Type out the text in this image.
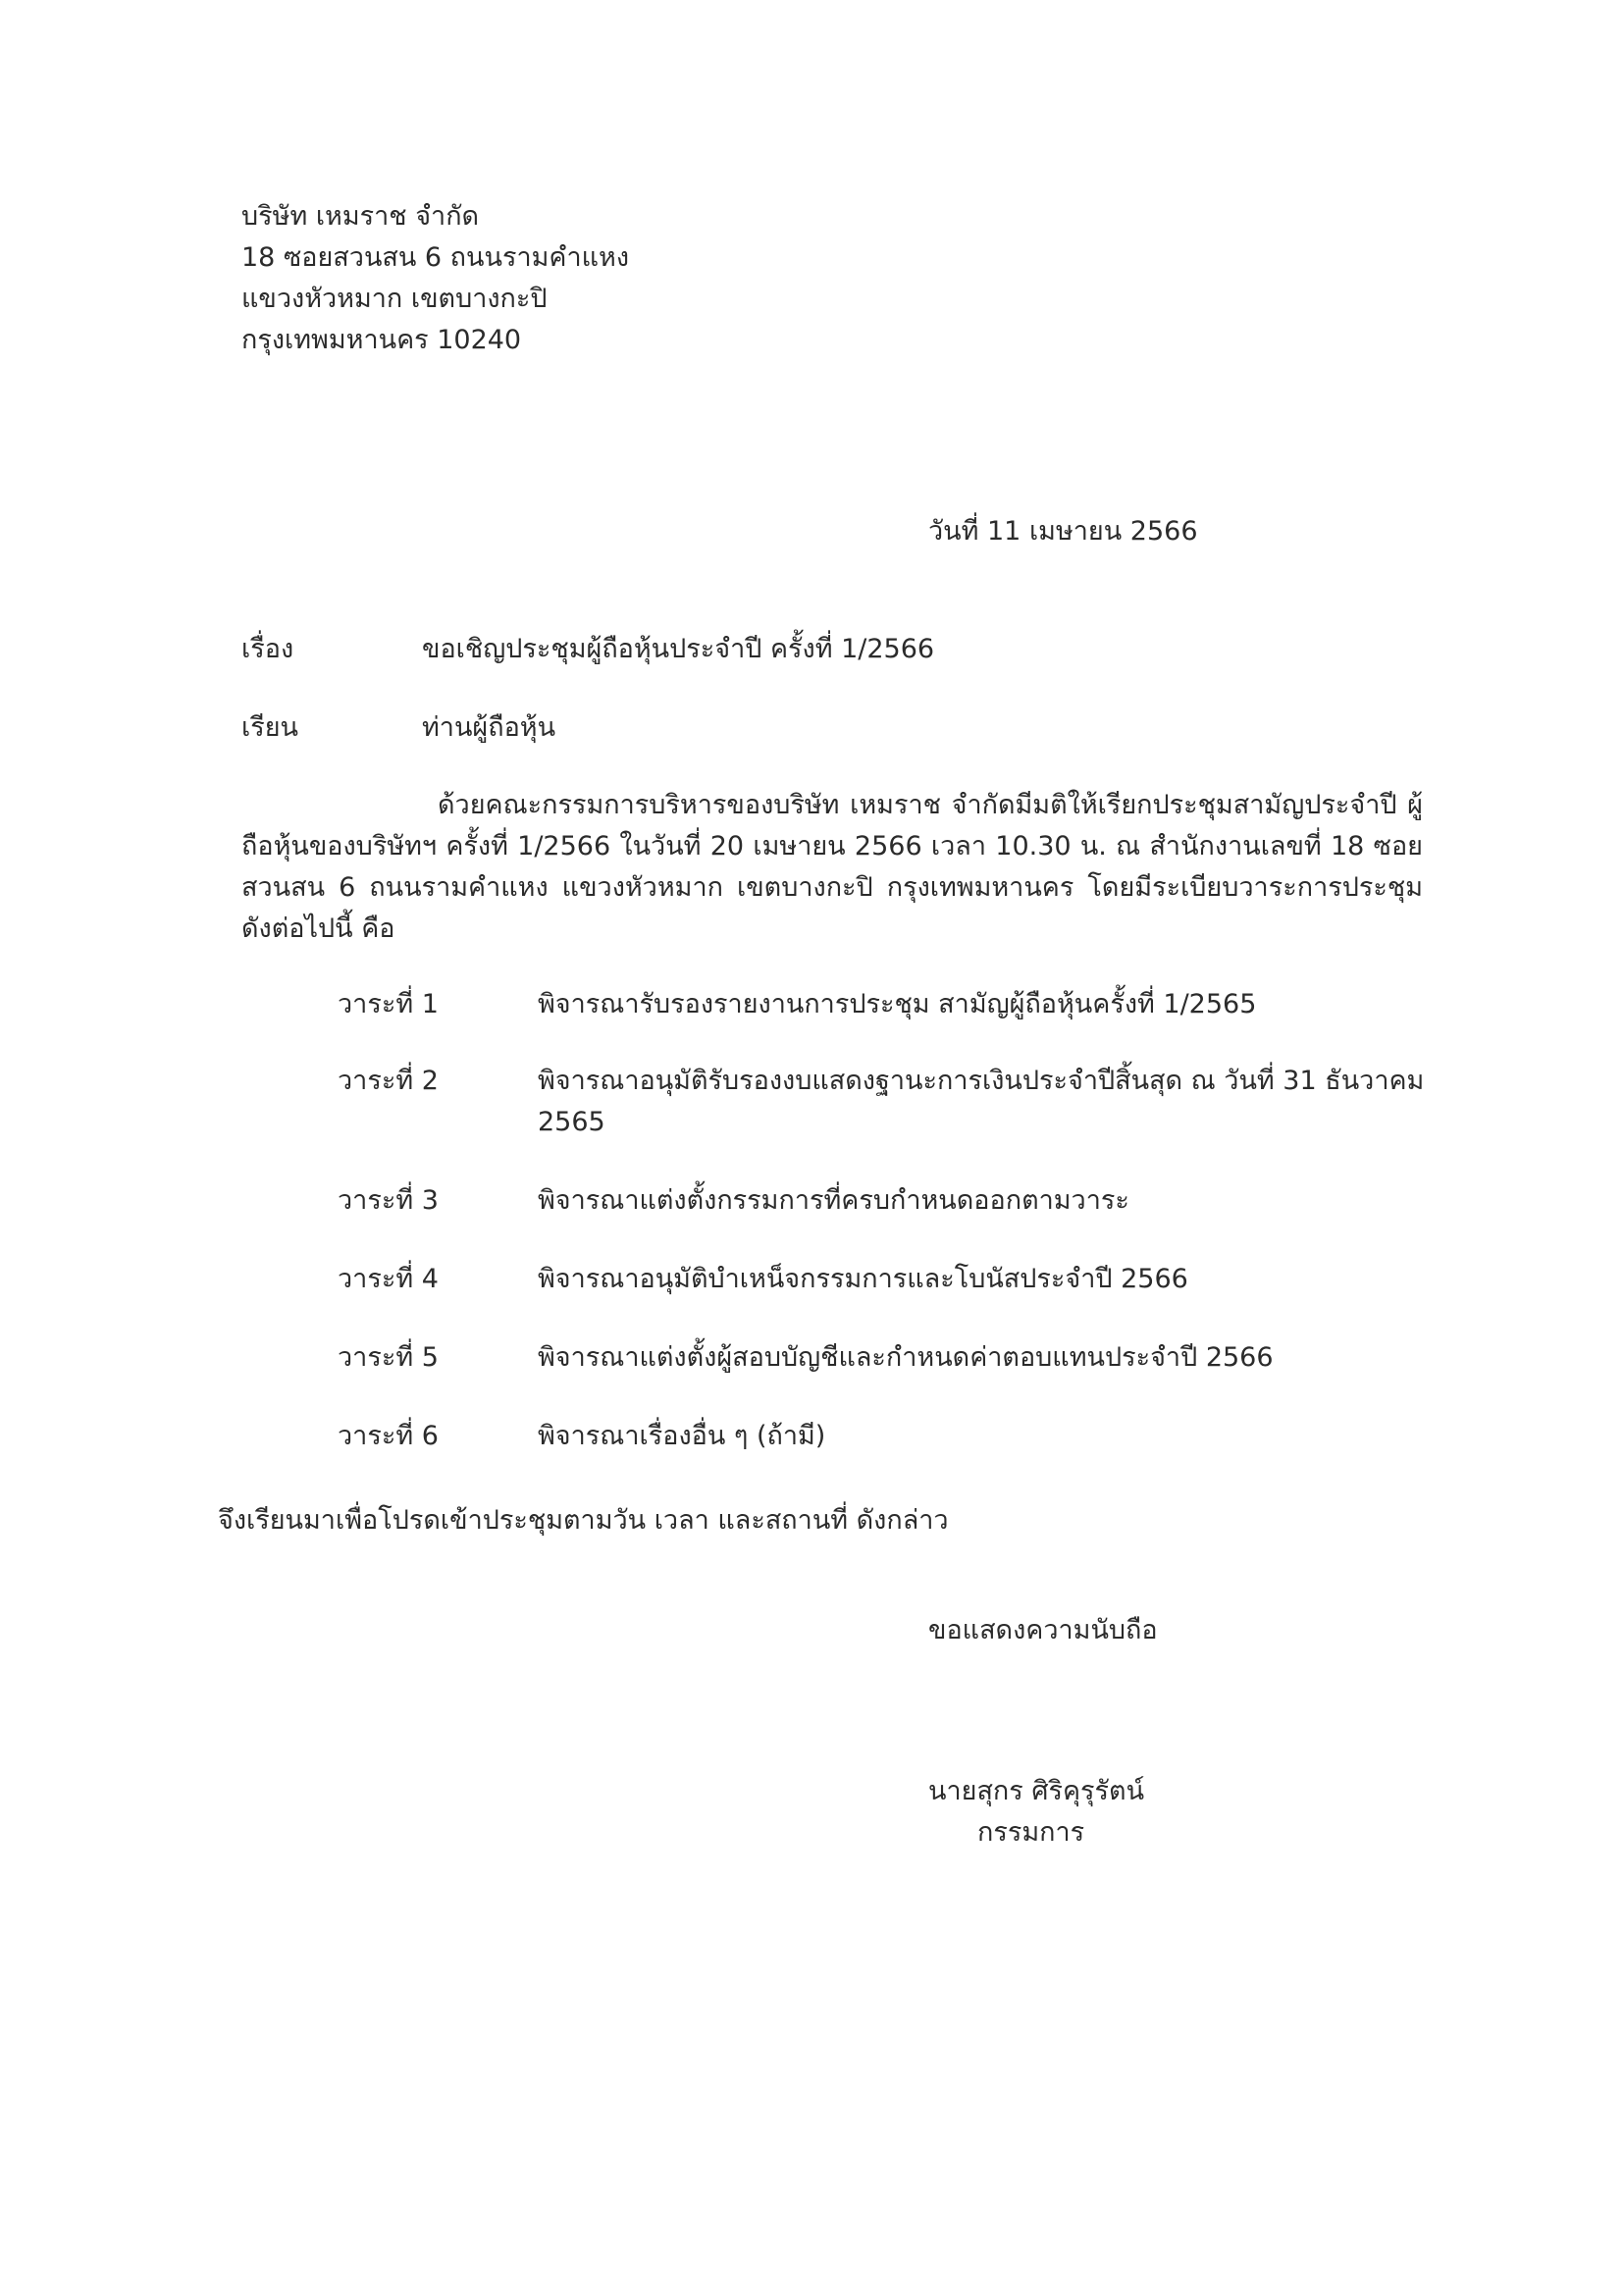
บริษัท เหมราช จำกัด
18 ซอยสวนสน 6 ถนนรามคำแหง
แขวงหัวหมาก เขตบางกะปิ
กรุงเทพมหานคร 10240
วันที่ 11 เมษายน 2566
เรื่อง	ขอเชิญประชุมผู้ถือหุ้นประจำปี ครั้งที่ 1/2566
เรียน	ท่านผู้ถือหุ้น
ด้วยคณะกรรมการบริหารของบริษัท เหมราช จำกัดมีมติให้เรียกประชุมสามัญประจำปี ผู้
ถือหุ้นของบริษัทฯ ครั้งที่ 1/2566 ในวันที่ 20 เมษายน 2566 เวลา 10.30 น. ณ สำนักงานเลขที่ 18 ซอย
สวนสน 6 ถนนรามคำแหง แขวงหัวหมาก เขตบางกะปิ กรุงเทพมหานคร โดยมีระเบียบวาระการประชุม
ดังต่อไปนี้ คือ
วาระที่ 1	พิจารณารับรองรายงานการประชุม สามัญผู้ถือหุ้นครั้งที่ 1/2565
วาระที่ 2	พิจารณาอนุมัติรับรองงบแสดงฐานะการเงินประจำปีสิ้นสุด ณ วันที่ 31 ธันวาคม
2565
วาระที่ 3	พิจารณาแต่งตั้งกรรมการที่ครบกำหนดออกตามวาระ
วาระที่ 4	พิจารณาอนุมัติบำเหน็จกรรมการและโบนัสประจำปี 2566
วาระที่ 5	พิจารณาแต่งตั้งผู้สอบบัญชีและกำหนดค่าตอบแทนประจำปี 2566
วาระที่ 6	พิจารณาเรื่องอื่น ๆ (ถ้ามี)
จึงเรียนมาเพื่อโปรดเข้าประชุมตามวัน เวลา และสถานที่ ดังกล่าว
ขอแสดงความนับถือ
นายสุกร ศิริคุรุรัตน์
กรรมการ
